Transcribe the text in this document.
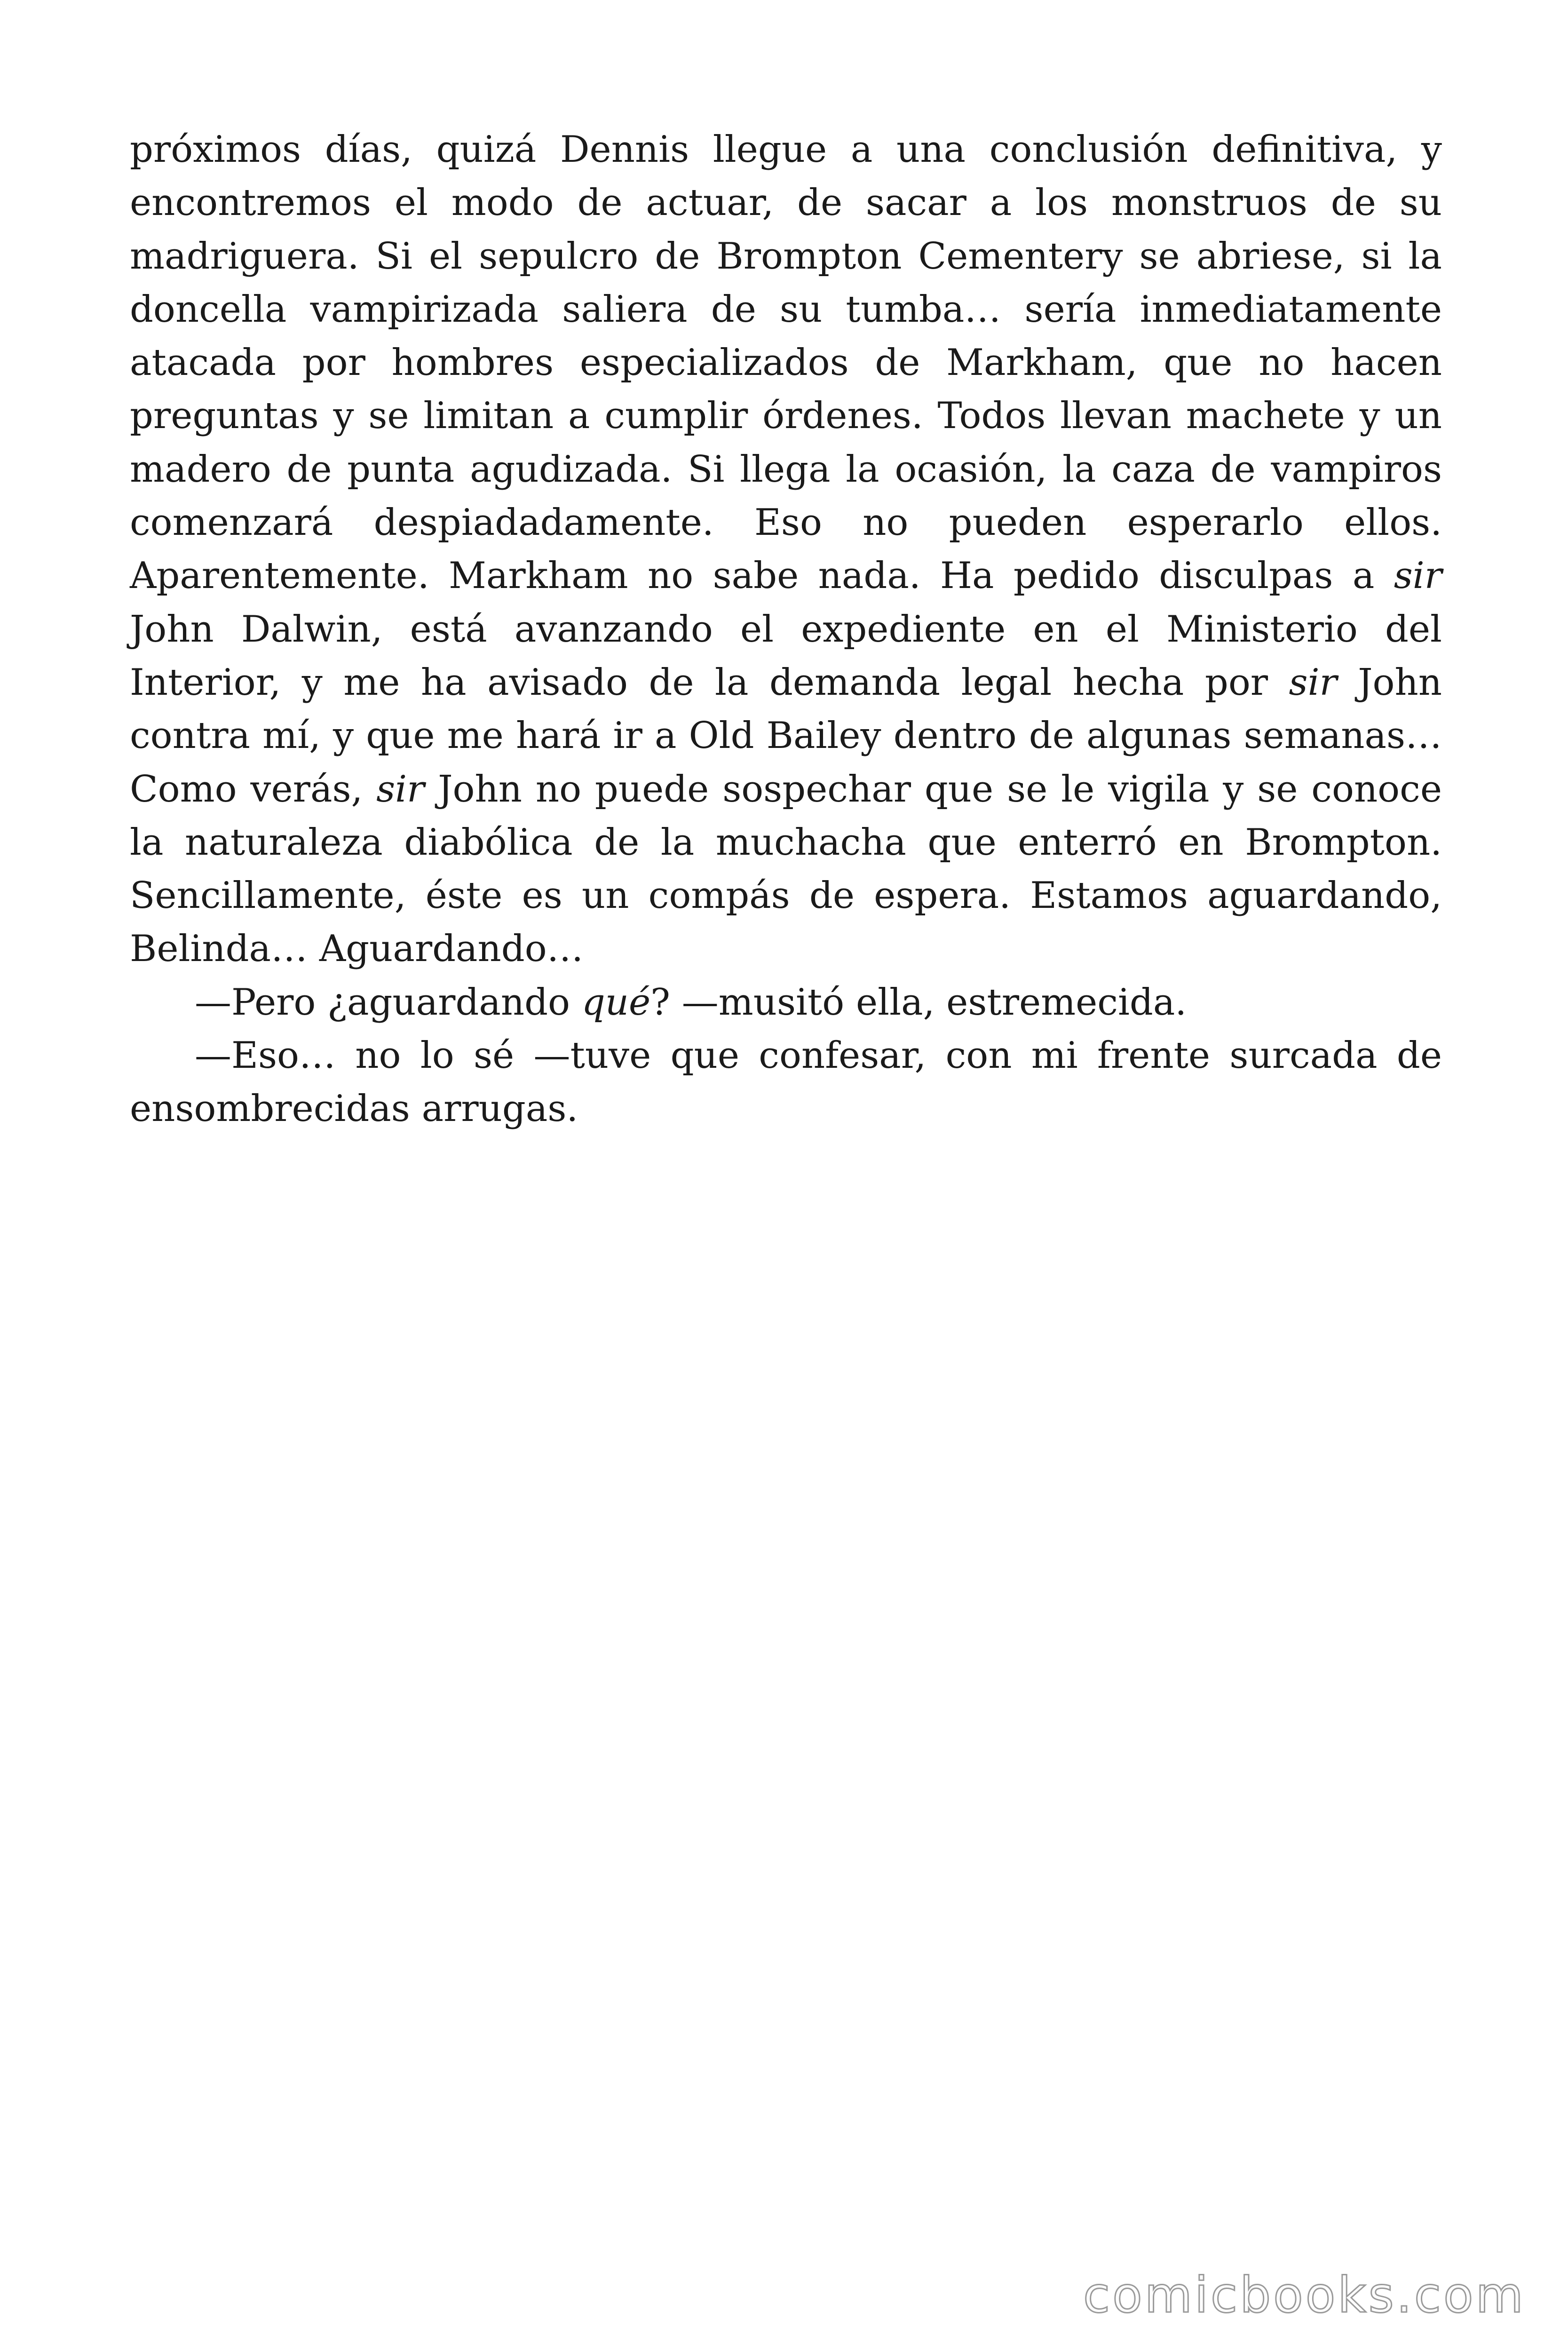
próximos días, quizá Dennis llegue a una conclusión definitiva, y encontremos el modo de actuar, de sacar a los monstruos de su madriguera. Si el sepulcro de Brompton Cementery se abriese, si la doncella vampirizada saliera de su tumba… sería inmediatamente atacada por hombres especializados de Markham, que no hacen preguntas y se limitan a cumplir órdenes. Todos llevan machete y un madero de punta agudizada. Si llega la ocasión, la caza de vampiros comenzará despiadadamente. Eso no pueden esperarlo ellos. Aparentemente. Markham no sabe nada. Ha pedido disculpas a sir John Dalwin, está avanzando el expediente en el Ministerio del Interior, y me ha avisado de la demanda legal hecha por sir John contra mí, y que me hará ir a Old Bailey dentro de algunas semanas… Como verás, sir John no puede sospechar que se le vigila y se conoce la naturaleza diabólica de la muchacha que enterró en Brompton. Sencillamente, éste es un compás de espera. Estamos aguardando, Belinda… Aguardando…

—Pero ¿aguardando qué? —musitó ella, estremecida.

—Eso… no lo sé —tuve que confesar, con mi frente surcada de ensombrecidas arrugas.

comicbooks.com
